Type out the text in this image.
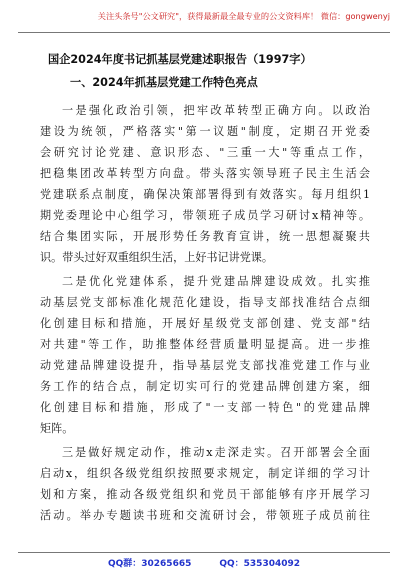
关注头条号"公文研究"，获得最新最全最专业的公文资料库！ 微信：gongwenyj
国企2024年度书记抓基层党建述职报告（1997字）
一、2024年抓基层党建工作特色亮点
一是强化政治引领，把牢改革转型正确方向。以政治
建设为统领，严格落实"第一议题"制度，定期召开党委
会研究讨论党建、意识形态、"三重一大"等重点工作，
把稳集团改革转型方向盘。带头落实领导班子民主生活会
党建联系点制度，确保决策部署得到有效落实。每月组织1
期党委理论中心组学习，带领班子成员学习研讨x精神等。
结合集团实际，开展形势任务教育宣讲，统一思想凝聚共
识。带头过好双重组织生活，上好书记讲党课。
二是优化党建体系，提升党建品牌建设成效。扎实推
动基层党支部标准化规范化建设，指导支部找准结合点细
化创建目标和措施，开展好星级党支部创建、党支部"结
对共建"等工作，助推整体经营质量明显提高。进一步推
动党建品牌建设提升，指导基层党支部找准党建工作与业
务工作的结合点，制定切实可行的党建品牌创建方案，细
化创建目标和措施，形成了"一支部一特色"的党建品牌
矩阵。
三是做好规定动作，推动x走深走实。召开部署会全面
启动x，组织各级党组织按照要求规定，制定详细的学习计
划和方案，推动各级党组织和党员干部能够有序开展学习
活动。举办专题读书班和交流研讨会，带领班子成员前往
QQ群：30265665	QQ：535304092
